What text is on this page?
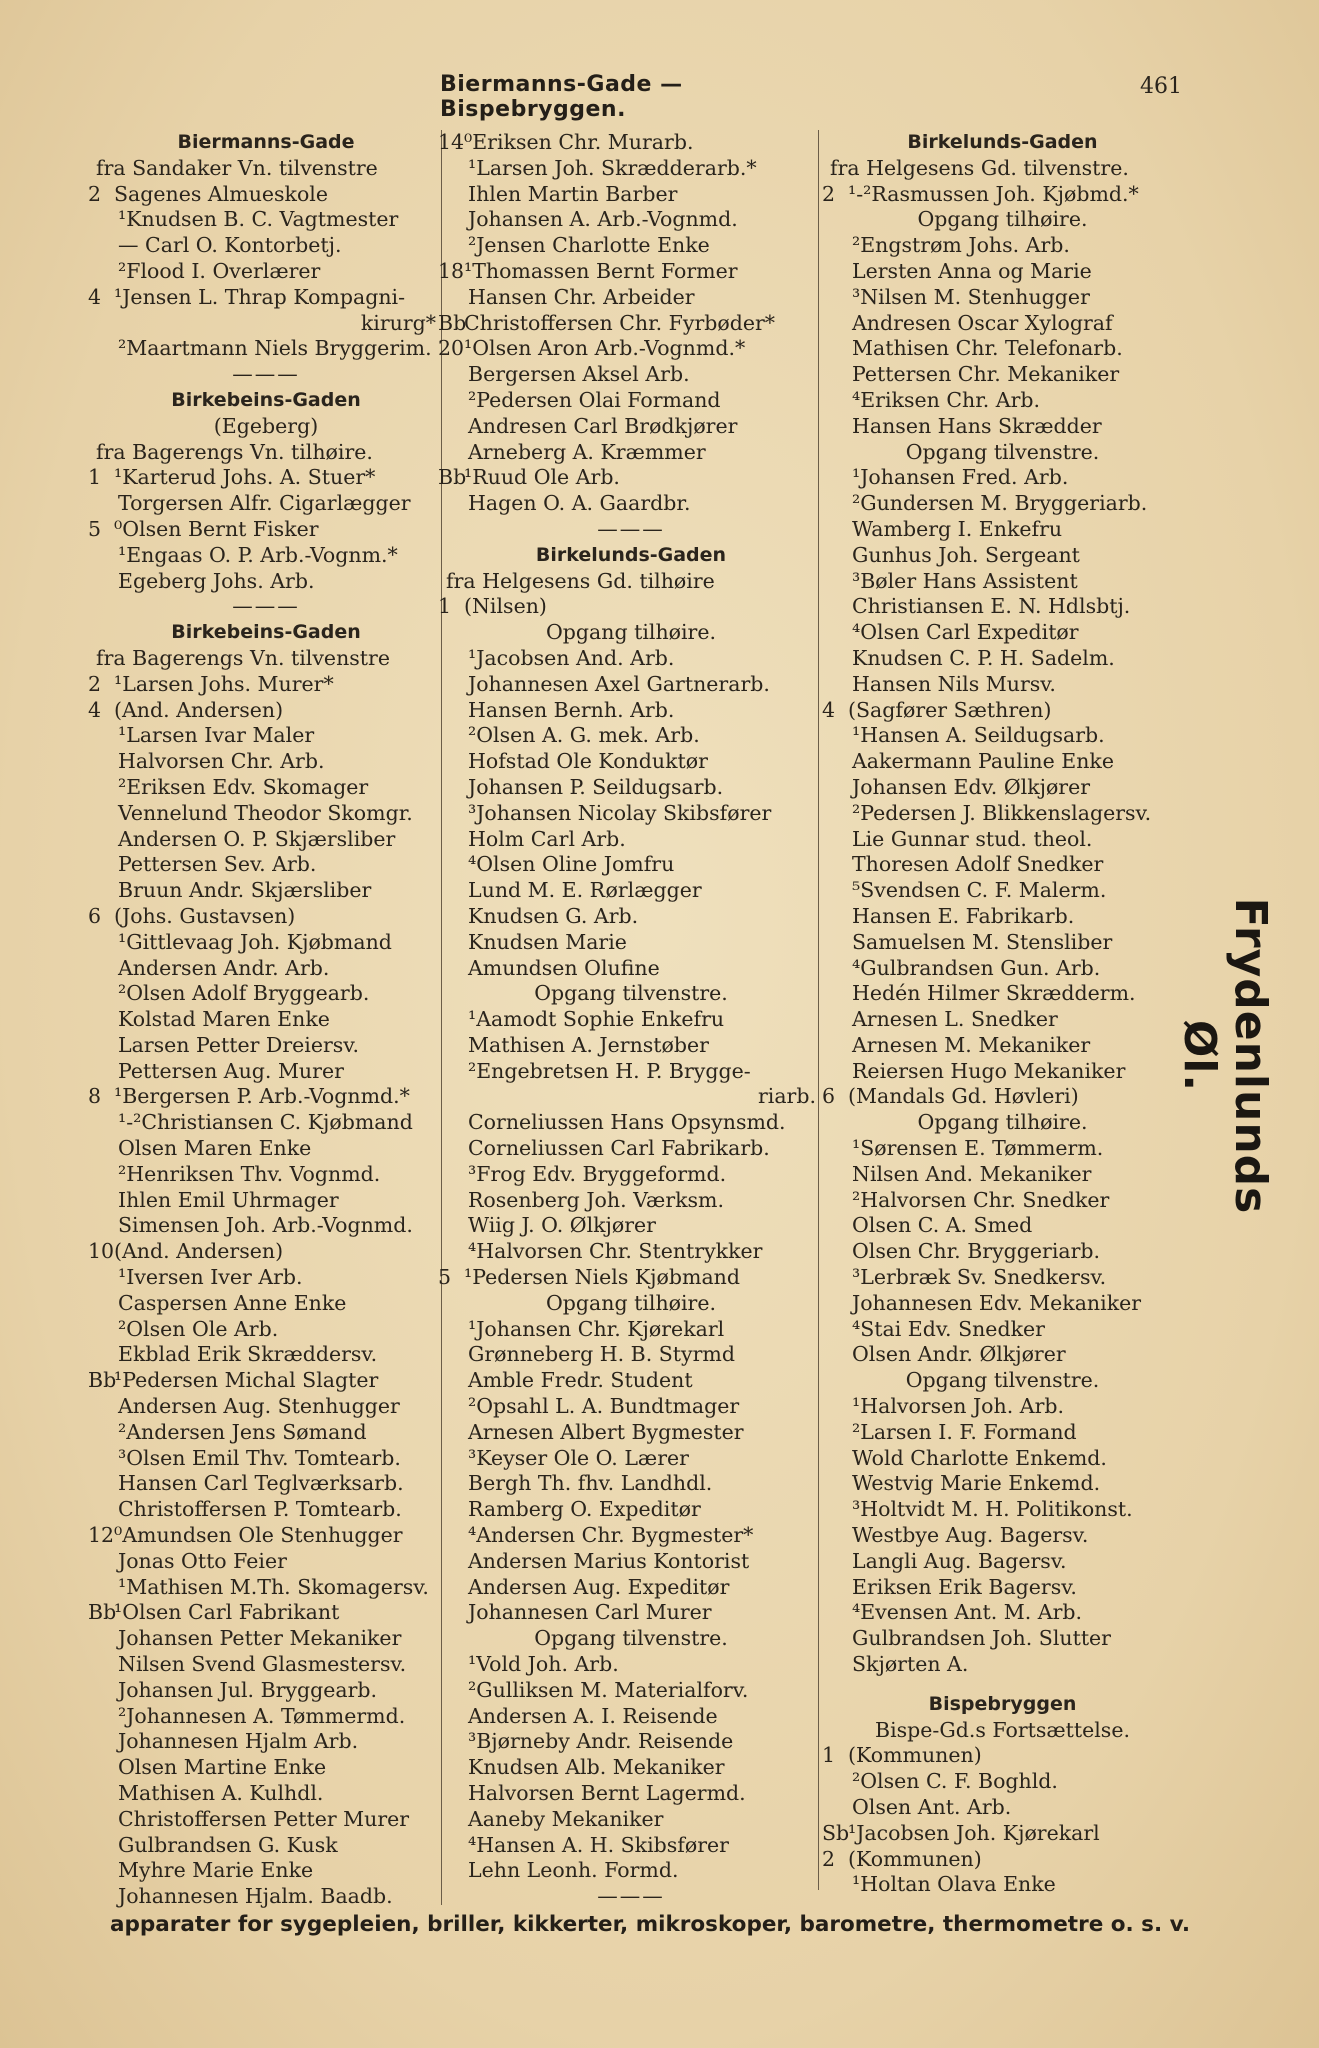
Biermanns-Gade — Bispebryggen.
461
Biermanns-Gade
fra Sandaker Vn. tilvenstre
2 Sagenes Almueskole
¹Knudsen B. C. Vagtmester
— Carl O. Kontorbetj.
²Flood I. Overlærer
4 ¹Jensen L. Thrap Kompagni-
kirurg*
²Maartmann Niels Bryggerim.
———
Birkebeins-Gaden
(Egeberg)
fra Bagerengs Vn. tilhøire.
1 ¹Karterud Johs. A. Stuer*
Torgersen Alfr. Cigarlægger
5 ⁰Olsen Bernt Fisker
¹Engaas O. P. Arb.-Vognm.*
Egeberg Johs. Arb.
———
Birkebeins-Gaden
fra Bagerengs Vn. tilvenstre
2 ¹Larsen Johs. Murer*
4 (And. Andersen)
¹Larsen Ivar Maler
Halvorsen Chr. Arb.
²Eriksen Edv. Skomager
Vennelund Theodor Skomgr.
Andersen O. P. Skjærsliber
Pettersen Sev. Arb.
Bruun Andr. Skjærsliber
6 (Johs. Gustavsen)
¹Gittlevaag Joh. Kjøbmand
Andersen Andr. Arb.
²Olsen Adolf Bryggearb.
Kolstad Maren Enke
Larsen Petter Dreiersv.
Pettersen Aug. Murer
8 ¹Bergersen P. Arb.-Vognmd.*
¹-²Christiansen C. Kjøbmand
Olsen Maren Enke
²Henriksen Thv. Vognmd.
Ihlen Emil Uhrmager
Simensen Joh. Arb.-Vognmd.
10 (And. Andersen)
¹Iversen Iver Arb.
Caspersen Anne Enke
²Olsen Ole Arb.
Ekblad Erik Skræddersv.
Bb
¹Pedersen Michal Slagter
Andersen Aug. Stenhugger
²Andersen Jens Sømand
³Olsen Emil Thv. Tomtearb.
Hansen Carl Teglværksarb.
Christoffersen P. Tomtearb.
12 ⁰Amundsen Ole Stenhugger
Jonas Otto Feier
¹Mathisen M.Th. Skomagersv.
Bb
¹Olsen Carl Fabrikant
Johansen Petter Mekaniker
Nilsen Svend Glasmestersv.
Johansen Jul. Bryggearb.
²Johannesen A. Tømmermd.
Johannesen Hjalm Arb.
Olsen Martine Enke
Mathisen A. Kulhdl.
Christoffersen Petter Murer
Gulbrandsen G. Kusk
Myhre Marie Enke
Johannesen Hjalm. Baadb.
14 ⁰Eriksen Chr. Murarb.
¹Larsen Joh. Skrædderarb.*
Ihlen Martin Barber
Johansen A. Arb.-Vognmd.
²Jensen Charlotte Enke
18 ¹Thomassen Bernt Former
Hansen Chr. Arbeider
Bb
Christoffersen Chr. Fyrbøder*
20 ¹Olsen Aron Arb.-Vognmd.*
Bergersen Aksel Arb.
²Pedersen Olai Formand
Andresen Carl Brødkjører
Arneberg A. Kræmmer
Bb
¹Ruud Ole Arb.
Hagen O. A. Gaardbr.
———
Birkelunds-Gaden
fra Helgesens Gd. tilhøire
1 (Nilsen)
Opgang tilhøire.
¹Jacobsen And. Arb.
Johannesen Axel Gartnerarb.
Hansen Bernh. Arb.
²Olsen A. G. mek. Arb.
Hofstad Ole Konduktør
Johansen P. Seildugsarb.
³Johansen Nicolay Skibsfører
Holm Carl Arb.
⁴Olsen Oline Jomfru
Lund M. E. Rørlægger
Knudsen G. Arb.
Knudsen Marie
Amundsen Olufine
Opgang tilvenstre.
¹Aamodt Sophie Enkefru
Mathisen A. Jernstøber
²Engebretsen H. P. Brygge-
riarb.
Corneliussen Hans Opsynsmd.
Corneliussen Carl Fabrikarb.
³Frog Edv. Bryggeformd.
Rosenberg Joh. Værksm.
Wiig J. O. Ølkjører
⁴Halvorsen Chr. Stentrykker
5 ¹Pedersen Niels Kjøbmand
Opgang tilhøire.
¹Johansen Chr. Kjørekarl
Grønneberg H. B. Styrmd
Amble Fredr. Student
²Opsahl L. A. Bundtmager
Arnesen Albert Bygmester
³Keyser Ole O. Lærer
Bergh Th. fhv. Landhdl.
Ramberg O. Expeditør
⁴Andersen Chr. Bygmester*
Andersen Marius Kontorist
Andersen Aug. Expeditør
Johannesen Carl Murer
Opgang tilvenstre.
¹Vold Joh. Arb.
²Gulliksen M. Materialforv.
Andersen A. I. Reisende
³Bjørneby Andr. Reisende
Knudsen Alb. Mekaniker
Halvorsen Bernt Lagermd.
Aaneby Mekaniker
⁴Hansen A. H. Skibsfører
Lehn Leonh. Formd.
———
Birkelunds-Gaden
fra Helgesens Gd. tilvenstre.
2 ¹-²Rasmussen Joh. Kjøbmd.*
Opgang tilhøire.
²Engstrøm Johs. Arb.
Lersten Anna og Marie
³Nilsen M. Stenhugger
Andresen Oscar Xylograf
Mathisen Chr. Telefonarb.
Pettersen Chr. Mekaniker
⁴Eriksen Chr. Arb.
Hansen Hans Skrædder
Opgang tilvenstre.
¹Johansen Fred. Arb.
²Gundersen M. Bryggeriarb.
Wamberg I. Enkefru
Gunhus Joh. Sergeant
³Bøler Hans Assistent
Christiansen E. N. Hdlsbtj.
⁴Olsen Carl Expeditør
Knudsen C. P. H. Sadelm.
Hansen Nils Mursv.
4 (Sagfører Sæthren)
¹Hansen A. Seildugsarb.
Aakermann Pauline Enke
Johansen Edv. Ølkjører
²Pedersen J. Blikkenslagersv.
Lie Gunnar stud. theol.
Thoresen Adolf Snedker
⁵Svendsen C. F. Malerm.
Hansen E. Fabrikarb.
Samuelsen M. Stensliber
⁴Gulbrandsen Gun. Arb.
Hedén Hilmer Skrædderm.
Arnesen L. Snedker
Arnesen M. Mekaniker
Reiersen Hugo Mekaniker
6 (Mandals Gd. Høvleri)
Opgang tilhøire.
¹Sørensen E. Tømmerm.
Nilsen And. Mekaniker
²Halvorsen Chr. Snedker
Olsen C. A. Smed
Olsen Chr. Bryggeriarb.
³Lerbræk Sv. Snedkersv.
Johannesen Edv. Mekaniker
⁴Stai Edv. Snedker
Olsen Andr. Ølkjører
Opgang tilvenstre.
¹Halvorsen Joh. Arb.
²Larsen I. F. Formand
Wold Charlotte Enkemd.
Westvig Marie Enkemd.
³Holtvidt M. H. Politikonst.
Westbye Aug. Bagersv.
Langli Aug. Bagersv.
Eriksen Erik Bagersv.
⁴Evensen Ant. M. Arb.
Gulbrandsen Joh. Slutter
Skjørten A.
Bispebryggen
Bispe-Gd.s Fortsættelse.
1 (Kommunen)
²Olsen C. F. Boghld.
Olsen Ant. Arb.
Sb
¹Jacobsen Joh. Kjørekarl
2 (Kommunen)
¹Holtan Olava Enke
Frydenlunds Øl.
apparater for sygepleien, briller, kikkerter, mikroskoper, barometre, thermometre o. s. v.
